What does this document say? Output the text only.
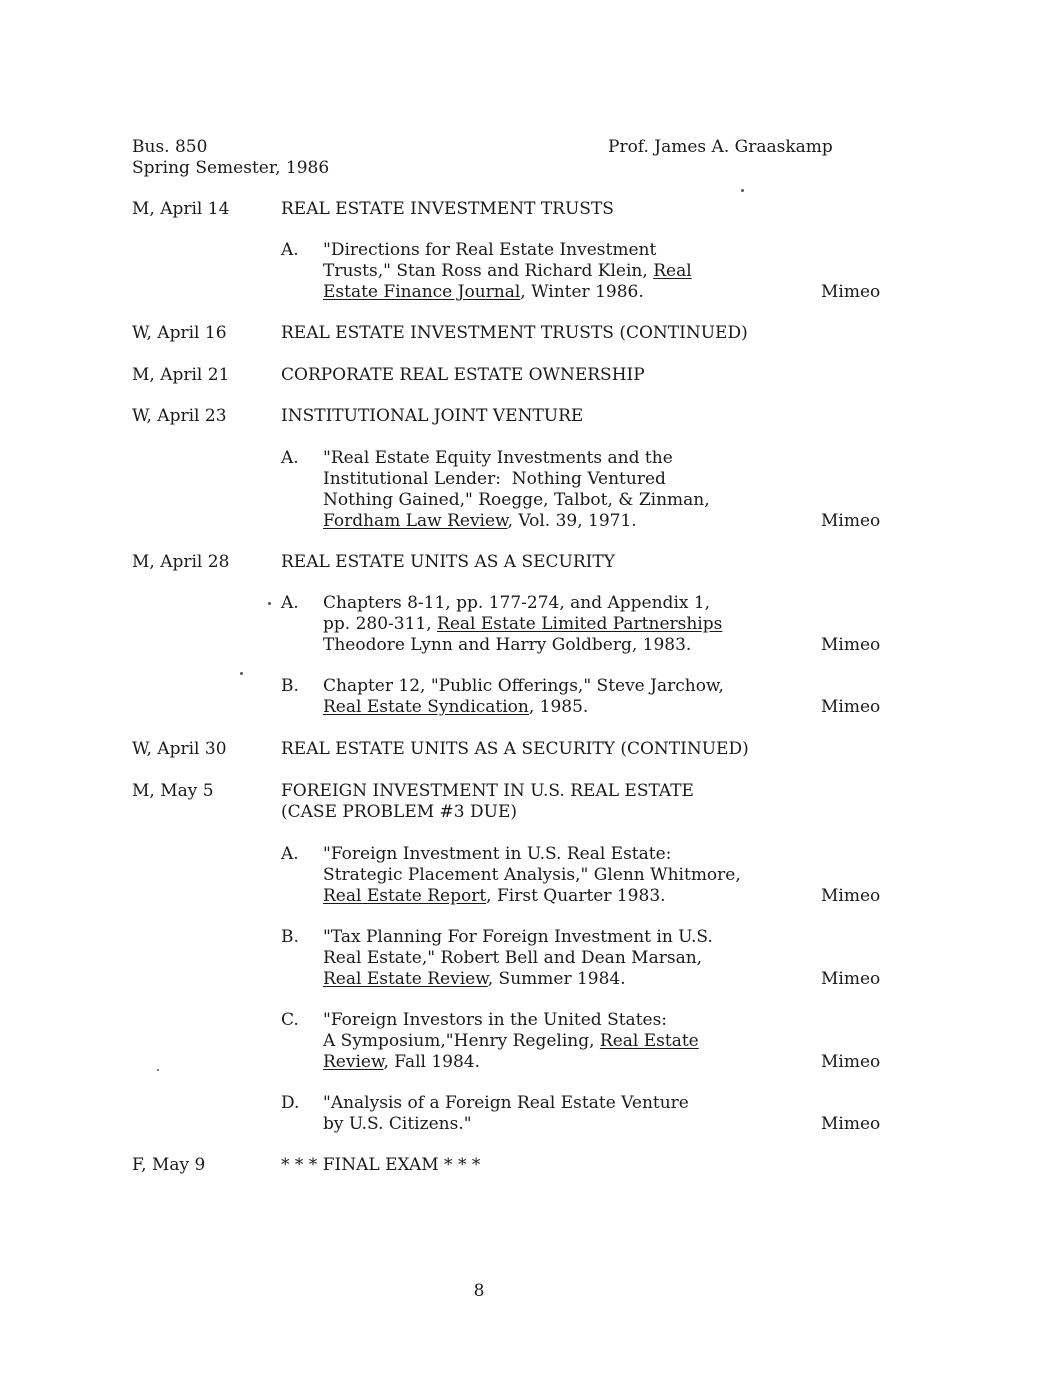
Bus. 850
Spring Semester, 1986
Prof. James A. Graaskamp
M, April 14	REAL ESTATE INVESTMENT TRUSTS
A. "Directions for Real Estate Investment
Trusts," Stan Ross and Richard Klein, Real
Estate Finance Journal, Winter 1986.	Mimeo
W, April 16	REAL ESTATE INVESTMENT TRUSTS (CONTINUED)
M, April 21	CORPORATE REAL ESTATE OWNERSHIP
W, April 23	INSTITUTIONAL JOINT VENTURE
A. "Real Estate Equity Investments and the
Institutional Lender:  Nothing Ventured
Nothing Gained," Roegge, Talbot, & Zinman,
Fordham Law Review, Vol. 39, 1971.	Mimeo
M, April 28	REAL ESTATE UNITS AS A SECURITY
A. Chapters 8-11, pp. 177-274, and Appendix 1,
pp. 280-311, Real Estate Limited Partnerships
Theodore Lynn and Harry Goldberg, 1983.	Mimeo
B. Chapter 12, "Public Offerings," Steve Jarchow,
Real Estate Syndication, 1985.	Mimeo
W, April 30	REAL ESTATE UNITS AS A SECURITY (CONTINUED)
M, May 5	FOREIGN INVESTMENT IN U.S. REAL ESTATE
(CASE PROBLEM #3 DUE)
A. "Foreign Investment in U.S. Real Estate:
Strategic Placement Analysis," Glenn Whitmore,
Real Estate Report, First Quarter 1983.	Mimeo
B. "Tax Planning For Foreign Investment in U.S.
Real Estate," Robert Bell and Dean Marsan,
Real Estate Review, Summer 1984.	Mimeo
C. "Foreign Investors in the United States:
A Symposium,"Henry Regeling, Real Estate
Review, Fall 1984.	Mimeo
D. "Analysis of a Foreign Real Estate Venture
by U.S. Citizens."	Mimeo
F, May 9	* * * FINAL EXAM * * *
8
